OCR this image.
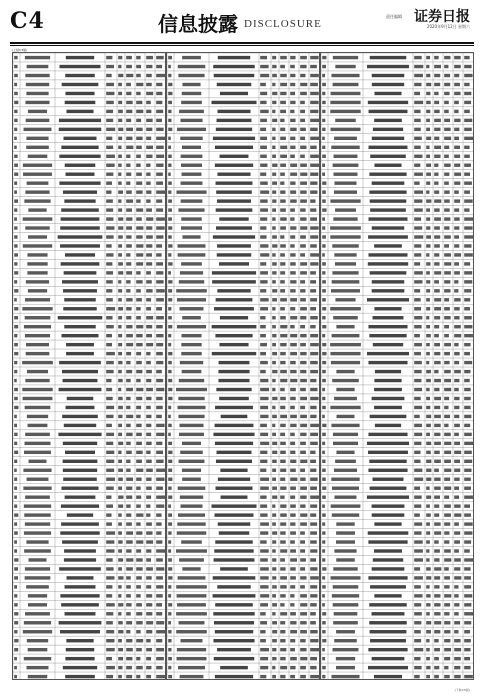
C4	信息披露 DISCLOSURE
责任编辑 证券日报
2020年9月12日 星期六
(上接C3版)
(下转C5版)
